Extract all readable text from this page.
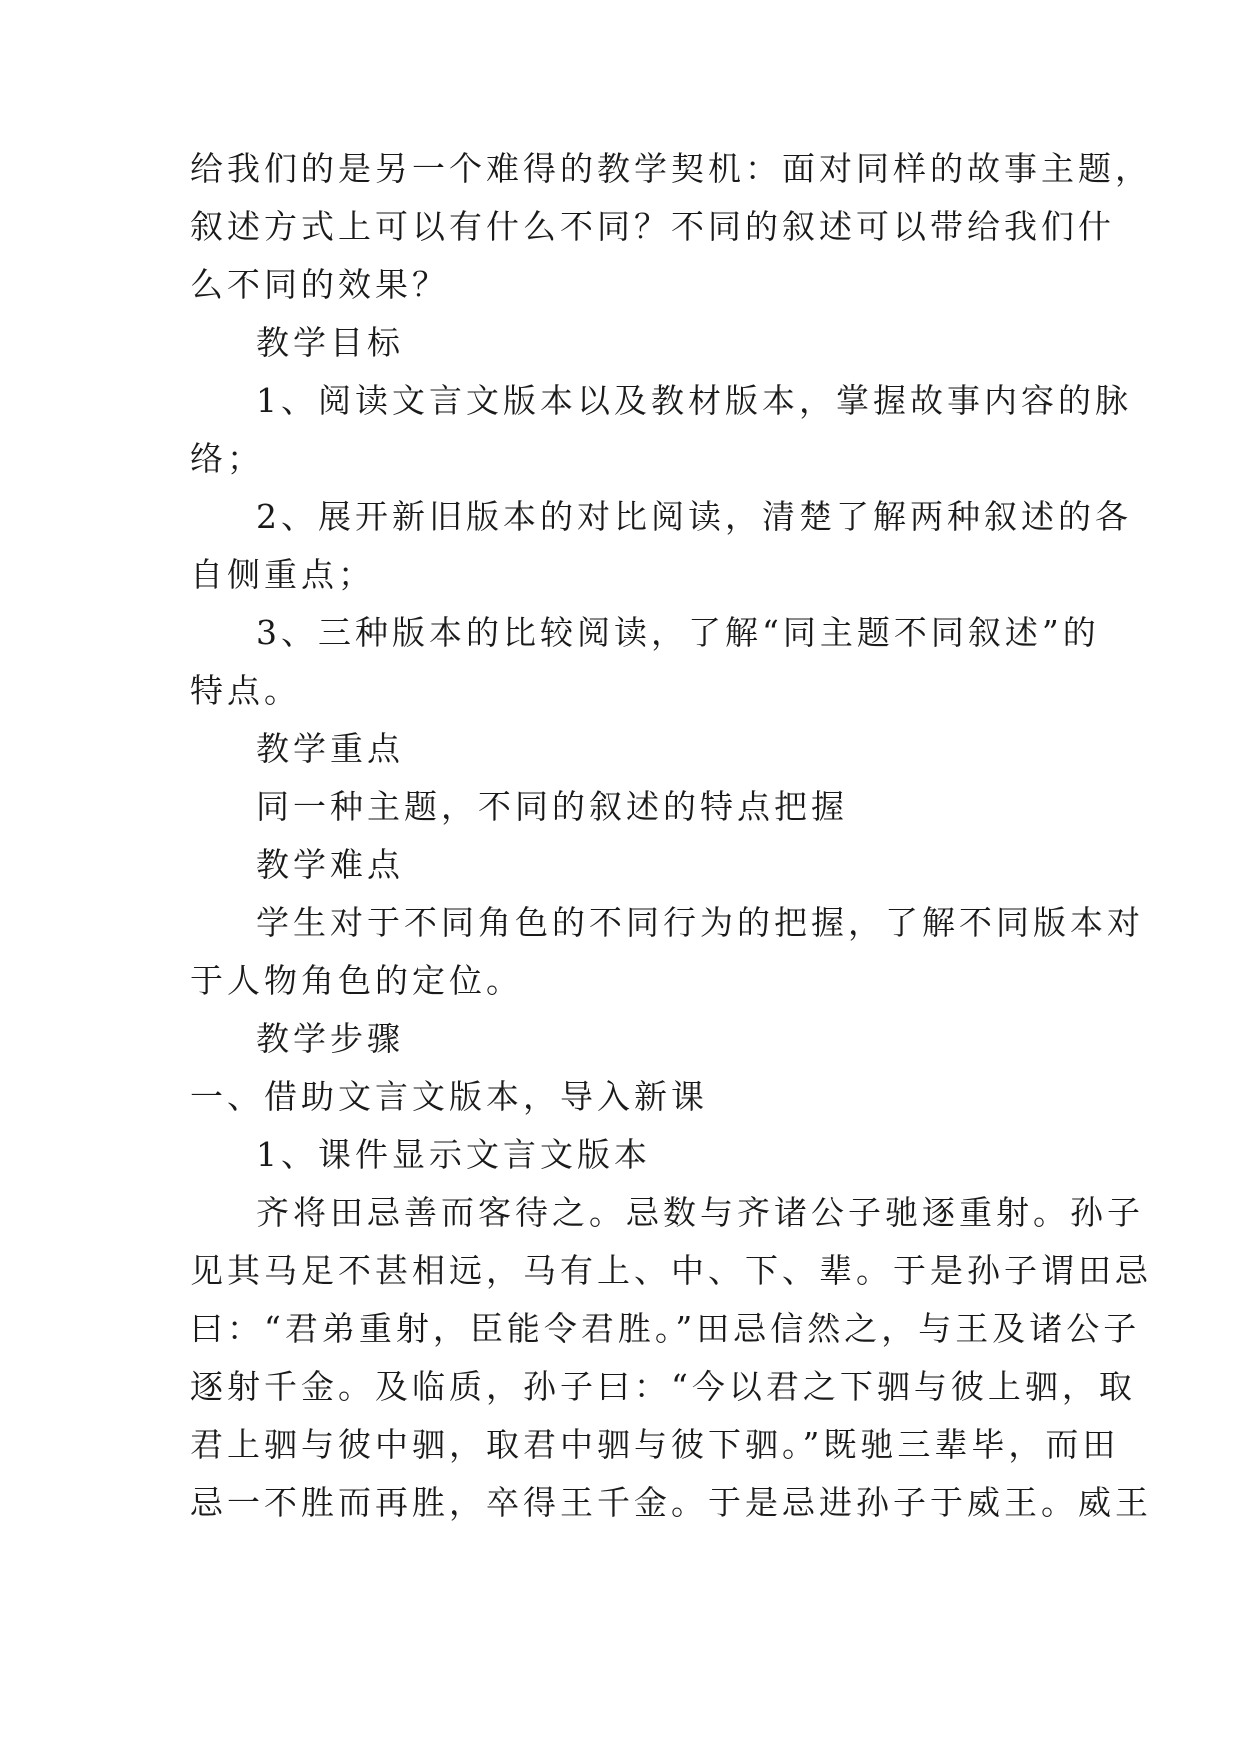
给我们的是另一个难得的教学契机：面对同样的故事主题，
叙述方式上可以有什么不同？不同的叙述可以带给我们什
么不同的效果？
教学目标
1、阅读文言文版本以及教材版本，掌握故事内容的脉
络；
2、展开新旧版本的对比阅读，清楚了解两种叙述的各
自侧重点；
3、三种版本的比较阅读，了解“同主题不同叙述”的
特点。
教学重点
同一种主题，不同的叙述的特点把握
教学难点
学生对于不同角色的不同行为的把握，了解不同版本对
于人物角色的定位。
教学步骤
一、借助文言文版本，导入新课
1、课件显示文言文版本
齐将田忌善而客待之。忌数与齐诸公子驰逐重射。孙子
见其马足不甚相远，马有上、中、下、辈。于是孙子谓田忌
曰：“君弟重射，臣能令君胜。”田忌信然之，与王及诸公子
逐射千金。及临质，孙子曰：“今以君之下驷与彼上驷，取
君上驷与彼中驷，取君中驷与彼下驷。”既驰三辈毕，而田
忌一不胜而再胜，卒得王千金。于是忌进孙子于威王。威王
